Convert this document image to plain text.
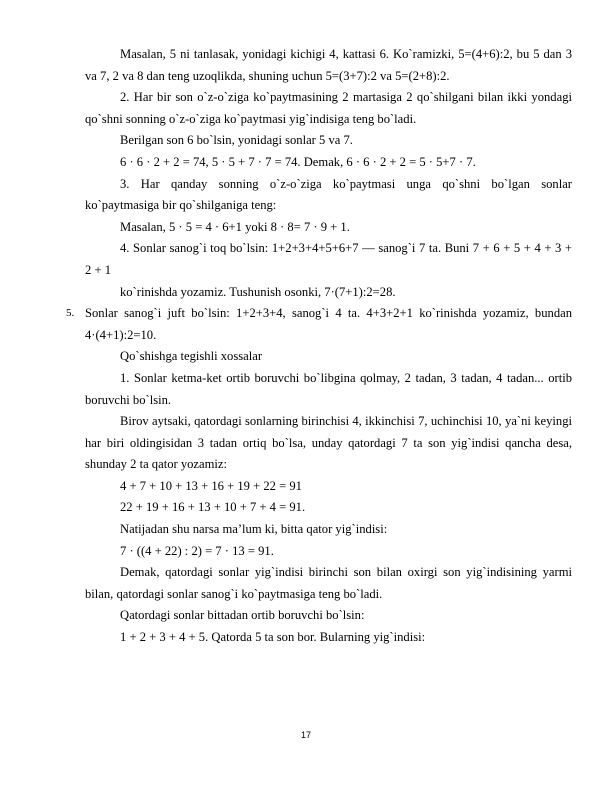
Masalan, 5 ni tanlasak, yonidagi kichigi 4, kattasi 6. Ko`ramizki, 5=(4+6):2, bu 5 dan 3 va 7, 2 va 8 dan teng uzoqlikda, shuning uchun 5=(3+7):2 va 5=(2+8):2.

2. Har bir son o`z-o`ziga ko`paytmasining 2 martasiga 2 qo`shilgani bilan ikki yondagi qo`shni sonning o`z-o`ziga ko`paytmasi yig`indisiga teng bo`ladi.

Berilgan son 6 bo`lsin, yonidagi sonlar 5 va 7.

6 · 6 · 2 + 2 = 74, 5 · 5 + 7 · 7 = 74. Demak, 6 · 6 · 2 + 2 = 5 · 5+7 · 7.

3. Har qanday sonning o`z-o`ziga ko`paytmasi unga qo`shni bo`lgan sonlar ko`paytmasiga bir qo`shilganiga teng:

Masalan, 5 · 5 = 4 · 6+1 yoki 8 · 8= 7 · 9 + 1.

4. Sonlar sanog`i toq bo`lsin: 1+2+3+4+5+6+7 — sanog`i 7 ta. Buni 7 + 6 + 5 + 4 + 3 + 2 + 1

ko`rinishda yozamiz. Tushunish osonki, 7·(7+1):2=28.

5. Sonlar sanog`i juft bo`lsin: 1+2+3+4, sanog`i 4 ta. 4+3+2+1 ko`rinishda yozamiz, bundan 4·(4+1):2=10.

Qo`shishga tegishli xossalar

1. Sonlar ketma-ket ortib boruvchi bo`libgina qolmay, 2 tadan, 3 tadan, 4 tadan... ortib boruvchi bo`lsin.

Birov aytsaki, qatordagi sonlarning birinchisi 4, ikkinchisi 7, uchinchisi 10, ya`ni keyingi har biri oldingisidan 3 tadan ortiq bo`lsa, unday qatordagi 7 ta son yig`indisi qancha desa, shunday 2 ta qator yozamiz:

4 + 7 + 10 + 13 + 16 + 19 + 22 = 91

22 + 19 + 16 + 13 + 10 + 7 + 4 = 91.

Natijadan shu narsa ma’lum ki, bitta qator yig`indisi:

7 · ((4 + 22) : 2) = 7 · 13 = 91.

Demak, qatordagi sonlar yig`indisi birinchi son bilan oxirgi son yig`indisining yarmi bilan, qatordagi sonlar sanog`i ko`paytmasiga teng bo`ladi.

Qatordagi sonlar bittadan ortib boruvchi bo`lsin:

1 + 2 + 3 + 4 + 5. Qatorda 5 ta son bor. Bularning yig`indisi:

17
